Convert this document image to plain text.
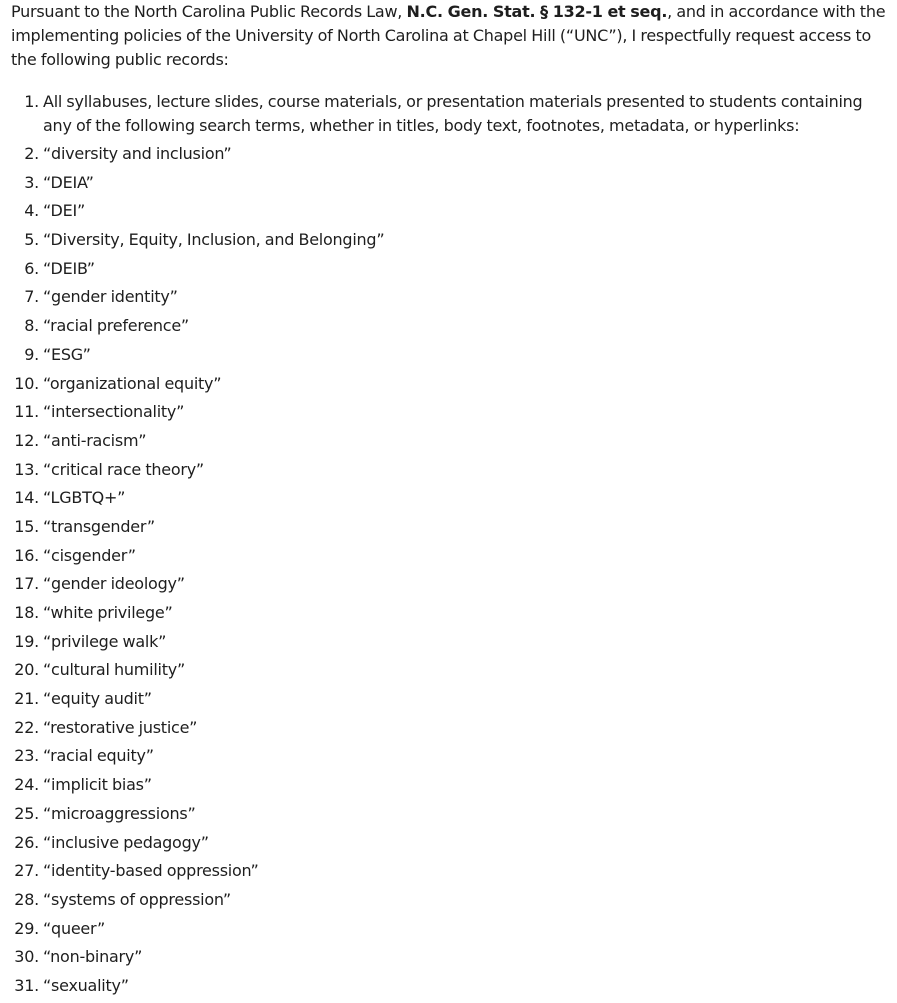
Pursuant to the North Carolina Public Records Law, N.C. Gen. Stat. § 132-1 et seq., and in accordance with the implementing policies of the University of North Carolina at Chapel Hill (“UNC”), I respectfully request access to the following public records:

1. All syllabuses, lecture slides, course materials, or presentation materials presented to students containing any of the following search terms, whether in titles, body text, footnotes, metadata, or hyperlinks:
2. “diversity and inclusion”
3. “DEIA”
4. “DEI”
5. “Diversity, Equity, Inclusion, and Belonging”
6. “DEIB”
7. “gender identity”
8. “racial preference”
9. “ESG”
10. “organizational equity”
11. “intersectionality”
12. “anti-racism”
13. “critical race theory”
14. “LGBTQ+”
15. “transgender”
16. “cisgender”
17. “gender ideology”
18. “white privilege”
19. “privilege walk”
20. “cultural humility”
21. “equity audit”
22. “restorative justice”
23. “racial equity”
24. “implicit bias”
25. “microaggressions”
26. “inclusive pedagogy”
27. “identity-based oppression”
28. “systems of oppression”
29. “queer”
30. “non-binary”
31. “sexuality”
